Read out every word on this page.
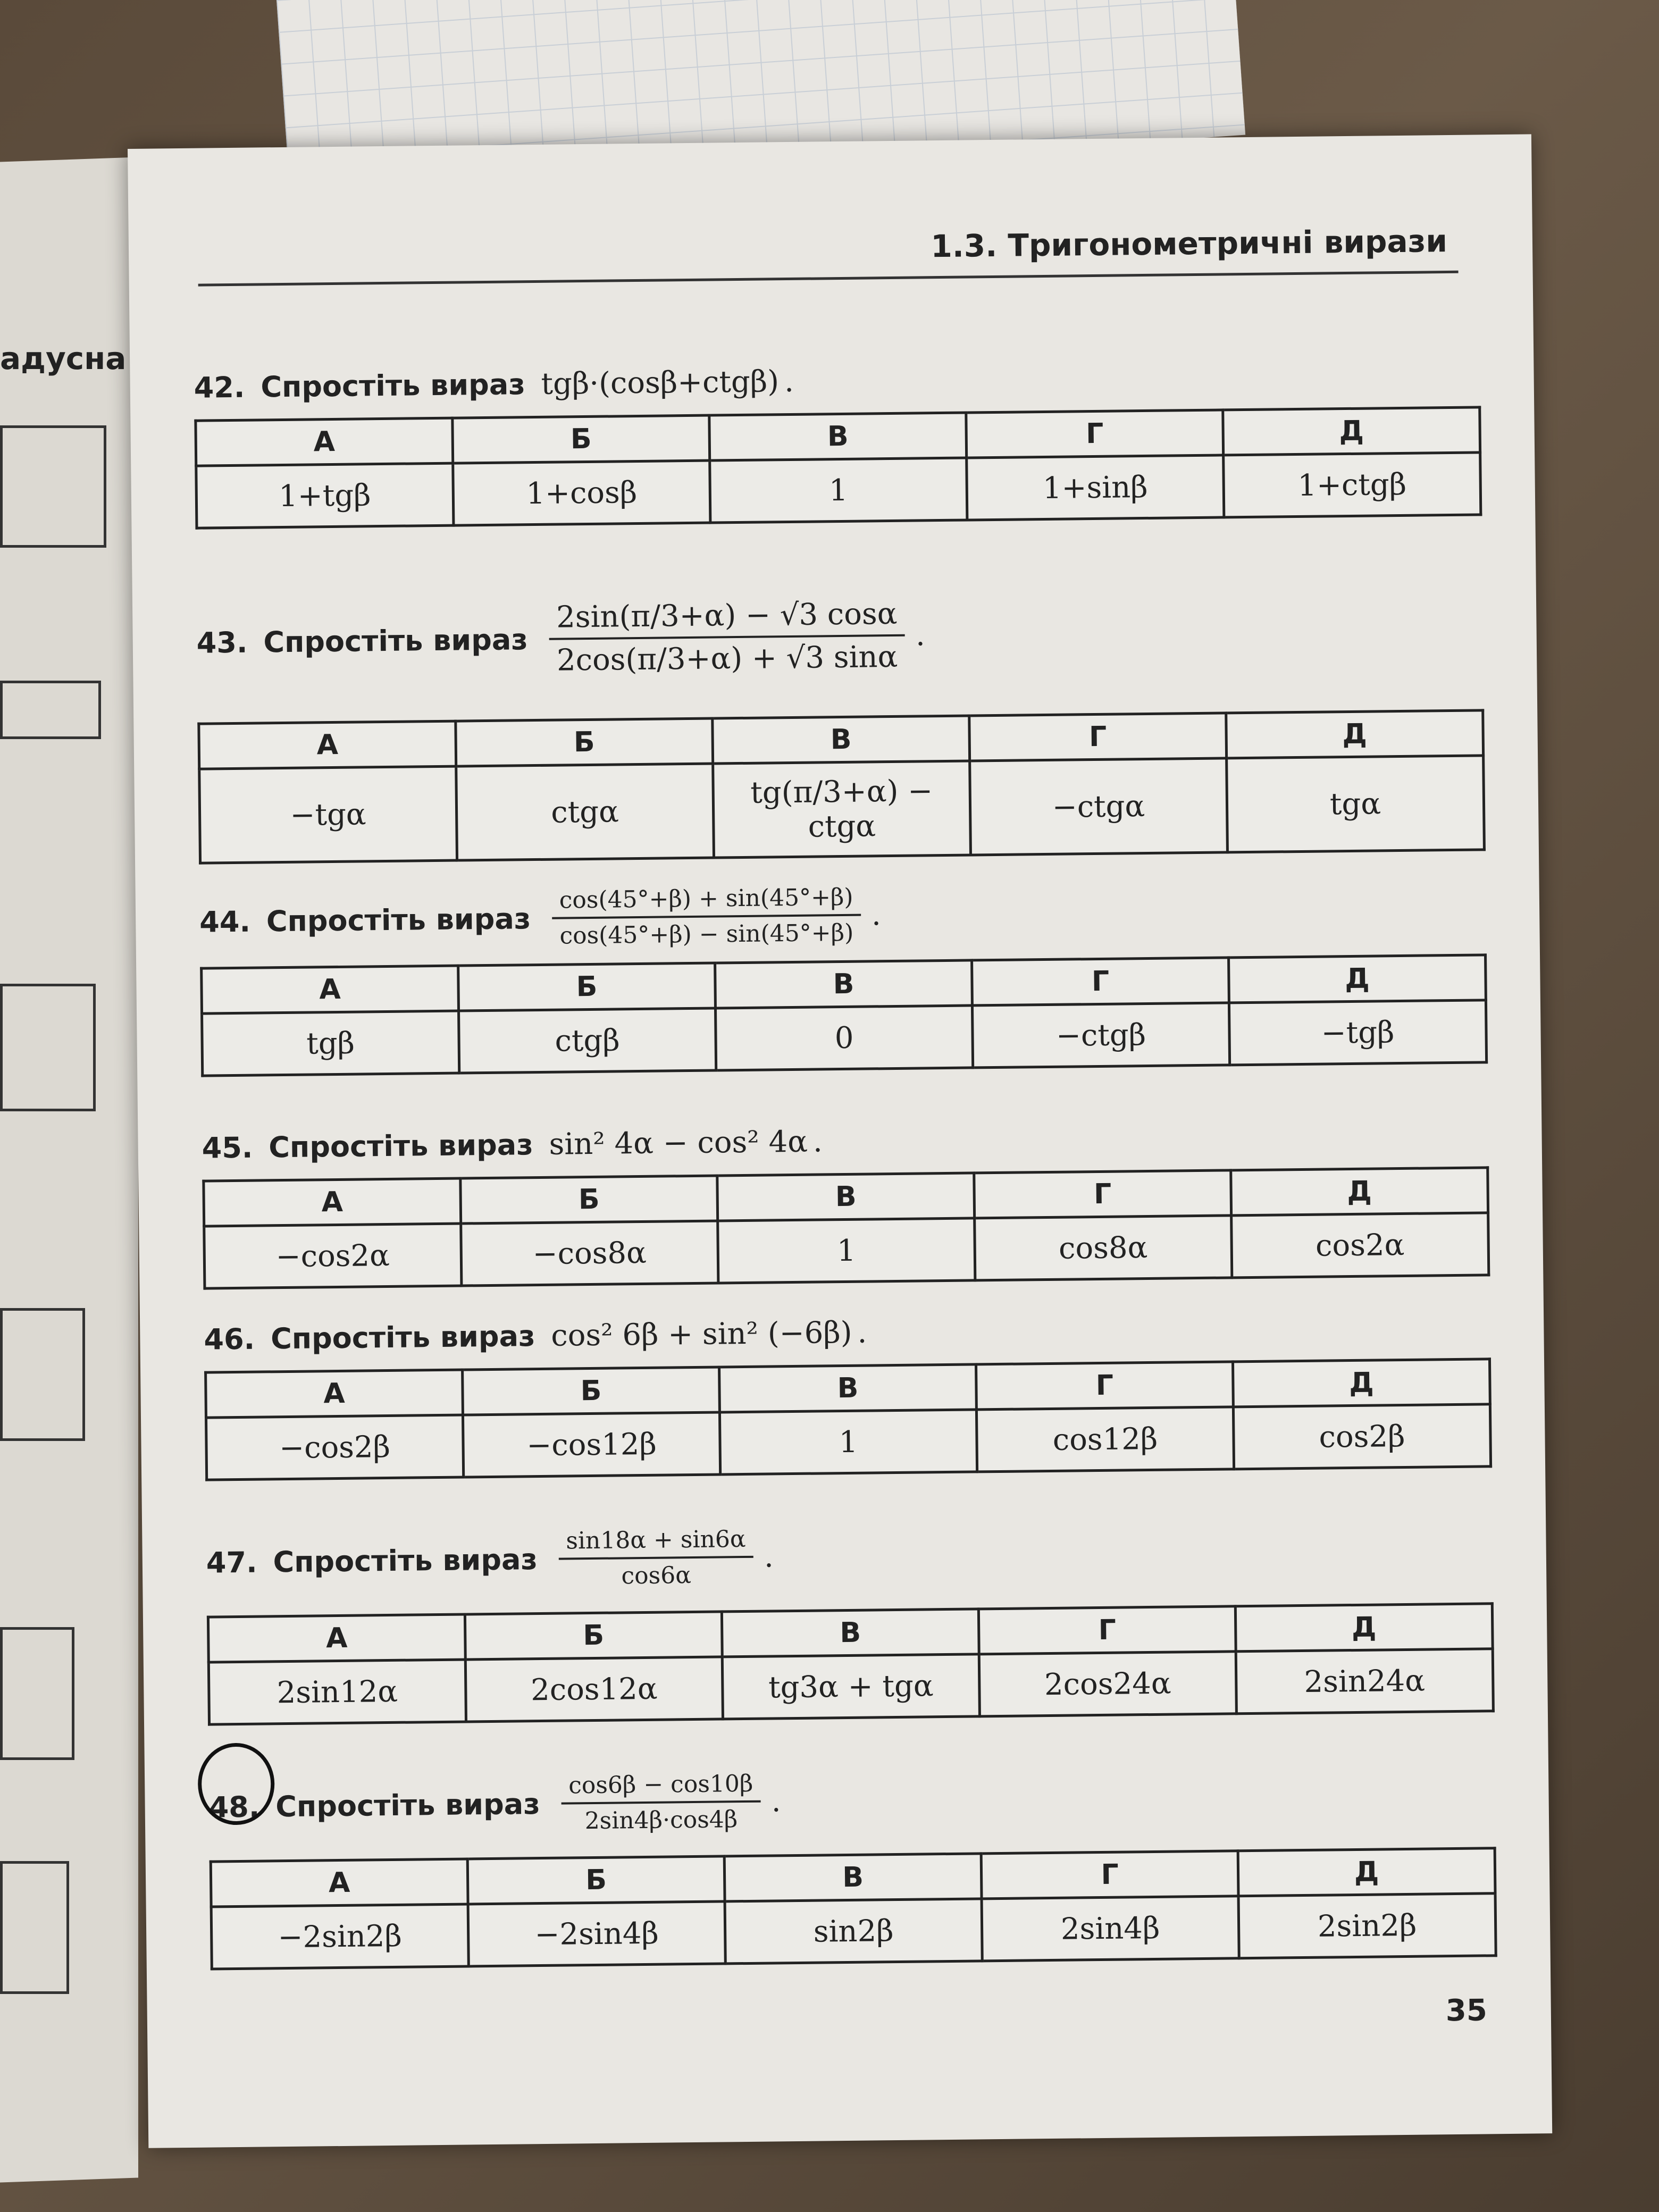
адусна
1.3. Тригонометричні вирази
42. Спростіть вираз tgβ·(cosβ+ctgβ) .
А	Б	В	Г	Д
1+tgβ	1+cosβ	1	1+sinβ	1+ctgβ
43. Спростіть вираз $\frac{2\sin(\pi/3+\alpha) - √3 \cos\alpha}{2\cos(\pi/3+\alpha) + √3 \sin\alpha}$ .
А	Б	В	Г	Д
−tgα	ctgα	tg(π/3+α) − ctgα	−ctgα	tgα
44. Спростіть вираз $\frac{\cos(45^\circ+\beta) + \sin(45^\circ+\beta)}{\cos(45^\circ+\beta) - \sin(45^\circ+\beta)}$ .
А	Б	В	Г	Д
tgβ	ctgβ	0	−ctgβ	−tgβ
45. Спростіть вираз sin² 4α − cos² 4α .
А	Б	В	Г	Д
−cos2α	−cos8α	1	cos8α	cos2α
46. Спростіть вираз cos² 6β + sin² (−6β) .
А	Б	В	Г	Д
−cos2β	−cos12β	1	cos12β	cos2β
47. Спростіть вираз $\frac{\sin 18\alpha + \sin 6\alpha}{\cos 6\alpha}$ .
А	Б	В	Г	Д
2sin12α	2cos12α	tg3α + tgα	2cos24α	2sin24α
48. Спростіть вираз $\frac{\cos 6\beta - \cos 10\beta}{2\sin 4\beta\cdot\cos 4\beta}$ .
А	Б	В	Г	Д
−2sin2β	−2sin4β	sin2β	2sin4β	2sin2β
35
